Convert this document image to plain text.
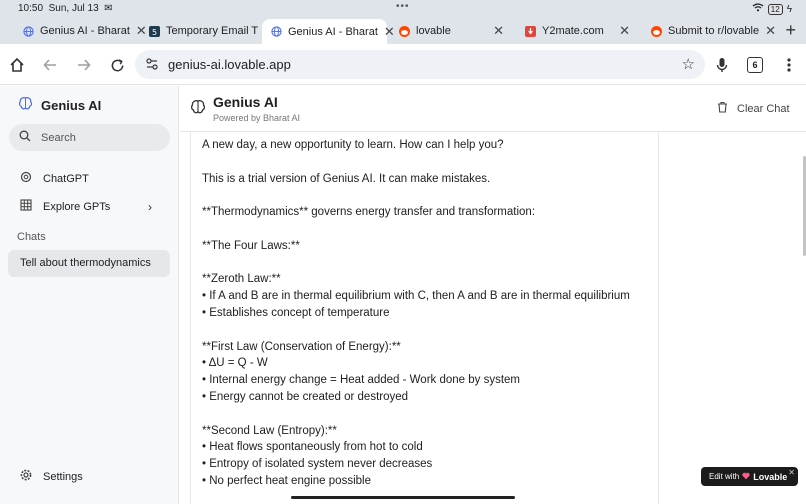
10:50 Sun, Jul 13 ✉	•••	12 ϟ
Genius AI - Bharat ✕ 5 Temporary Email T	Genius AI - Bharat ✕ lovable	✕	Y2mate.com	✕	Submit to r/lovable ✕ +
genius-ai.lovable.app	☆	6
Genius AI
Search
ChatGPT
Explore GPTs	›
Chats
Tell about thermodynamics
Settings
Genius AI
Powered by Bharat AI
Clear Chat
A new day, a new opportunity to learn. How can I help you?
This is a trial version of Genius AI. It can make mistakes.
**Thermodynamics** governs energy transfer and transformation:
**The Four Laws:**
**Zeroth Law:**
• If A and B are in thermal equilibrium with C, then A and B are in thermal equilibrium
• Establishes concept of temperature
**First Law (Conservation of Energy):**
• ΔU = Q - W
• Internal energy change = Heat added - Work done by system
• Energy cannot be created or destroyed
**Second Law (Entropy):**
• Heat flows spontaneously from hot to cold
• Entropy of isolated system never decreases
• No perfect heat engine possible	Edit with Lovable ✕
